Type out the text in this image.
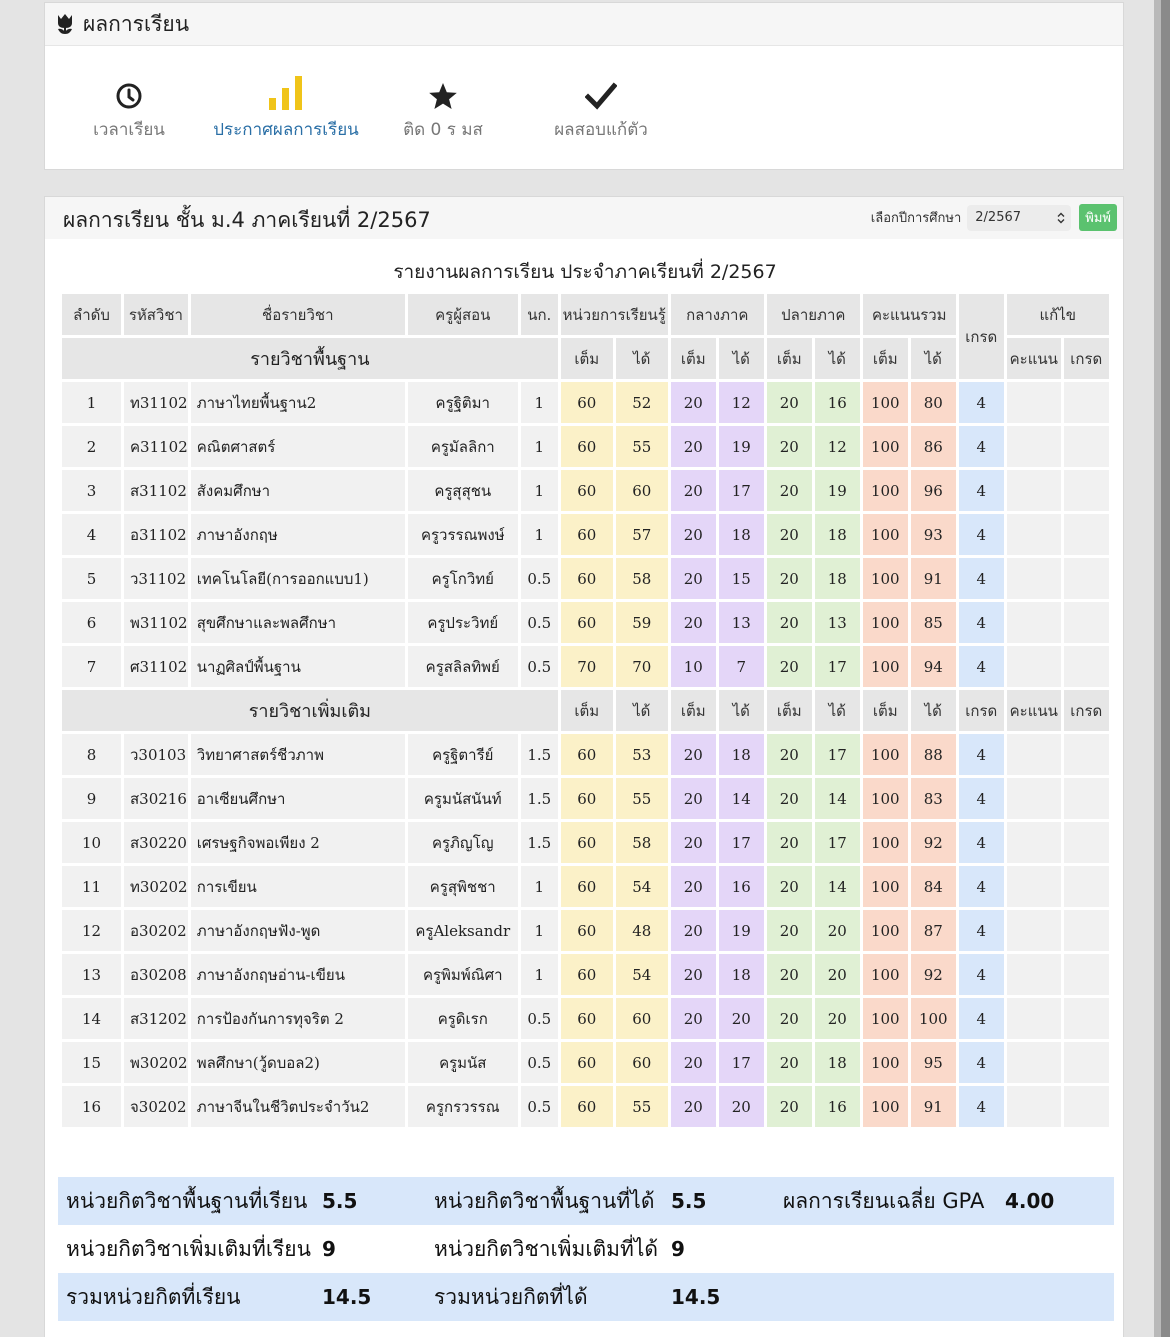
ผลการเรียน
เวลาเรียน	ประกาศผลการเรียน	ติด 0 ร มส	ผลสอบแก้ตัว
ผลการเรียน ชั้น ม.4 ภาคเรียนที่ 2/2567	เลือกปีการศึกษา 2/2567	พิมพ์
รายงานผลการเรียน ประจำภาคเรียนที่ 2/2567
ลำดับ	รหัสวิชา	ชื่อรายวิชา	ครูผู้สอน	นก.	หน่วยการเรียนรู้		กลางภาค		ปลายภาค		คะแนนรวม		เกรด	แก้ไข	
รายวิชาพื้นฐาน					เต็ม	ได้	เต็ม	ได้	เต็ม	ได้	เต็ม	ได้		คะแนน	เกรด
1	ท31102	ภาษาไทยพื้นฐาน2	ครูฐิติมา	1	60	52	20	12	20	16	100	80	4		
2	ค31102	คณิตศาสตร์	ครูมัลลิกา	1	60	55	20	19	20	12	100	86	4		
3	ส31102	สังคมศึกษา	ครูสุสุชน	1	60	60	20	17	20	19	100	96	4		
4	อ31102	ภาษาอังกฤษ	ครูวรรณพงษ์	1	60	57	20	18	20	18	100	93	4		
5	ว31102	เทคโนโลยี(การออกแบบ1)	ครูโกวิทย์	0.5	60	58	20	15	20	18	100	91	4		
6	พ31102	สุขศึกษาและพลศึกษา	ครูประวิทย์	0.5	60	59	20	13	20	13	100	85	4		
7	ศ31102	นาฏศิลป์พื้นฐาน	ครูสลิลทิพย์	0.5	70	70	10	7	20	17	100	94	4		
รายวิชาเพิ่มเติม					เต็ม	ได้	เต็ม	ได้	เต็ม	ได้	เต็ม	ได้	เกรด	คะแนน	เกรด
8	ว30103	วิทยาศาสตร์ชีวภาพ	ครูฐิตารีย์	1.5	60	53	20	18	20	17	100	88	4		
9	ส30216	อาเซียนศึกษา	ครูมนัสนันท์	1.5	60	55	20	14	20	14	100	83	4		
10	ส30220	เศรษฐกิจพอเพียง 2	ครูภิญโญ	1.5	60	58	20	17	20	17	100	92	4		
11	ท30202	การเขียน	ครูสุพิชชา	1	60	54	20	16	20	14	100	84	4		
12	อ30202	ภาษาอังกฤษฟัง-พูด	ครูAleksandr	1	60	48	20	19	20	20	100	87	4		
13	อ30208	ภาษาอังกฤษอ่าน-เขียน	ครูพิมพ์ณิศา	1	60	54	20	18	20	20	100	92	4		
14	ส31202	การป้องกันการทุจริต 2	ครูดิเรก	0.5	60	60	20	20	20	20	100	100	4		
15	พ30202	พลศึกษา(วู้ดบอล2)	ครูมนัส	0.5	60	60	20	17	20	18	100	95	4		
16	จ30202	ภาษาจีนในชีวิตประจำวัน2	ครูกรวรรณ	0.5	60	55	20	20	20	16	100	91	4		
หน่วยกิตวิชาพื้นฐานที่เรียน 5.5	หน่วยกิตวิชาพื้นฐานที่ได้ 5.5	ผลการเรียนเฉลี่ย GPA	4.00
หน่วยกิตวิชาเพิ่มเติมที่เรียน 9	หน่วยกิตวิชาเพิ่มเติมที่ได้ 9
รวมหน่วยกิตที่เรียน	14.5	รวมหน่วยกิตที่ได้	14.5
